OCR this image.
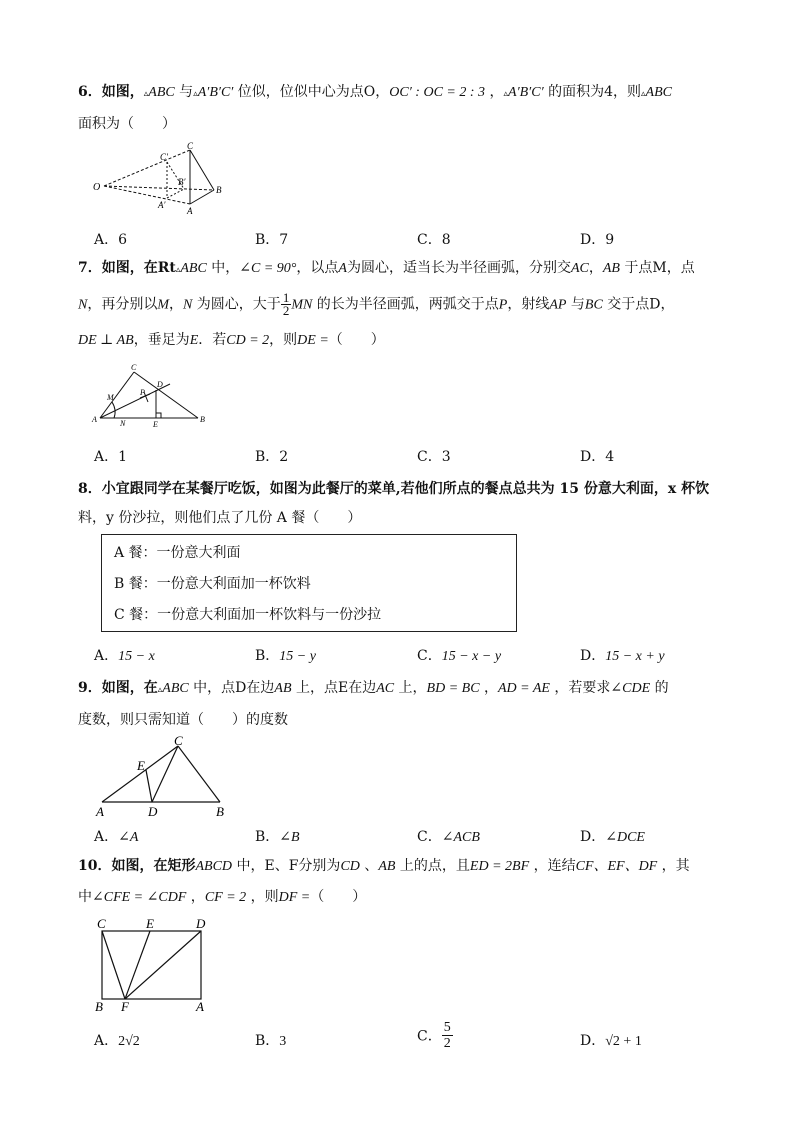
6．如图，▵ABC 与▵A′B′C′ 位似，位似中心为点O，OC′ : OC = 2 : 3 ，▵A′B′C′ 的面积为4，则▵ABC
面积为（　　）
O
C
C′
B′
B
A′
A
A．6	B．7	C．8	D．9
7．如图，在Rt▵ABC 中，∠C = 90°，以点A为圆心，适当长为半径画弧，分别交AC，AB 于点M，点
N，再分别以M，N 为圆心，大于 $\frac{1}{2}$ MN 的长为半径画弧，两弧交于点P，射线AP 与BC 交于点D，
DE ⊥ AB，垂足为E．若CD = 2，则DE =（　　）
C
D
M
P
A	N	E
B
A．1	B．2	C．3	D．4
8．小宜跟同学在某餐厅吃饭，如图为此餐厅的菜单,若他们所点的餐点总共为 15 份意大利面，x 杯饮
料，y 份沙拉，则他们点了几份 A 餐（　　）
A 餐：一份意大利面
B 餐：一份意大利面加一杯饮料
C 餐：一份意大利面加一杯饮料与一份沙拉
A．15 − x	B．15 − y	C．15 − x − y	D．15 − x + y
9．如图，在▵ABC 中，点D在边AB 上，点E在边AC 上，BD = BC ，AD = AE ，若要求∠CDE 的
度数，则只需知道（　　）的度数
C
E
A	D	B
A．∠A	B．∠B	C．∠ACB	D．∠DCE
10．如图，在矩形ABCD 中，E、F分别为CD 、AB 上的点，且ED = 2BF ，连结CF、EF、DF ，其
中∠CFE = ∠CDF ，CF = 2 ，则DF =（　　）
C	E	D
B F	A
A．2√2	B．3	C． $\frac{5}{2}$	D．√2 + 1
